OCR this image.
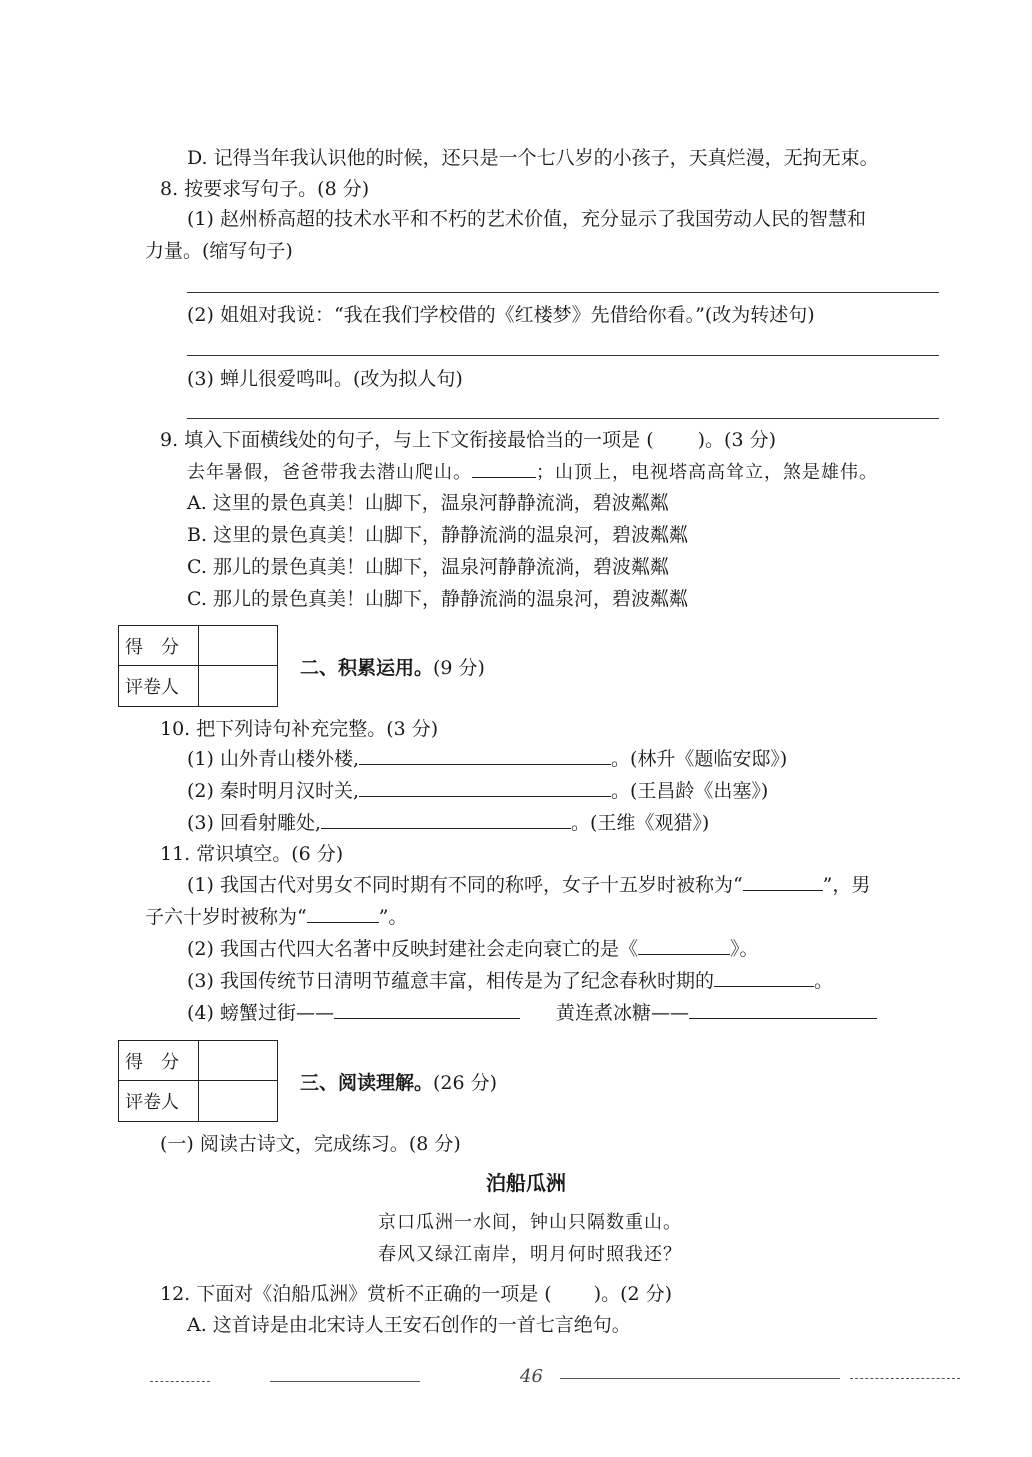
D. 记得当年我认识他的时候，还只是一个七八岁的小孩子，天真烂漫，无拘无束。
8. 按要求写句子。(8 分)
(1) 赵州桥高超的技术水平和不朽的艺术价值，充分显示了我国劳动人民的智慧和
力量。(缩写句子)
(2) 姐姐对我说：“我在我们学校借的《红楼梦》先借给你看。”(改为转述句)
(3) 蝉儿很爱鸣叫。(改为拟人句)
9. 填入下面横线处的句子，与上下文衔接最恰当的一项是 ( )。(3 分)
去年暑假，爸爸带我去潜山爬山。	；山顶上，电视塔高高耸立，煞是雄伟。
A. 这里的景色真美！山脚下，温泉河静静流淌，碧波粼粼
B. 这里的景色真美！山脚下，静静流淌的温泉河，碧波粼粼
C. 那儿的景色真美！山脚下，温泉河静静流淌，碧波粼粼
C. 那儿的景色真美！山脚下，静静流淌的温泉河，碧波粼粼
得　分
评卷人
二、积累运用。(9 分)
10. 把下列诗句补充完整。(3 分)
(1) 山外青山楼外楼,	。(林升《题临安邸》)
(2) 秦时明月汉时关,	。(王昌龄《出塞》)
(3) 回看射雕处,	。(王维《观猎》)
11. 常识填空。(6 分)
(1) 我国古代对男女不同时期有不同的称呼，女子十五岁时被称为“	”，男
子六十岁时被称为“	”。
(2) 我国古代四大名著中反映封建社会走向衰亡的是《	》。
(3) 我国传统节日清明节蕴意丰富，相传是为了纪念春秋时期的	。
(4) 螃蟹过街——	黄连煮冰糖——
得　分
评卷人
三、阅读理解。(26 分)
(一) 阅读古诗文，完成练习。(8 分)
泊船瓜洲
京口瓜洲一水间，钟山只隔数重山。
春风又绿江南岸，明月何时照我还？
12. 下面对《泊船瓜洲》赏析不正确的一项是 ( )。(2 分)
A. 这首诗是由北宋诗人王安石创作的一首七言绝句。
46
